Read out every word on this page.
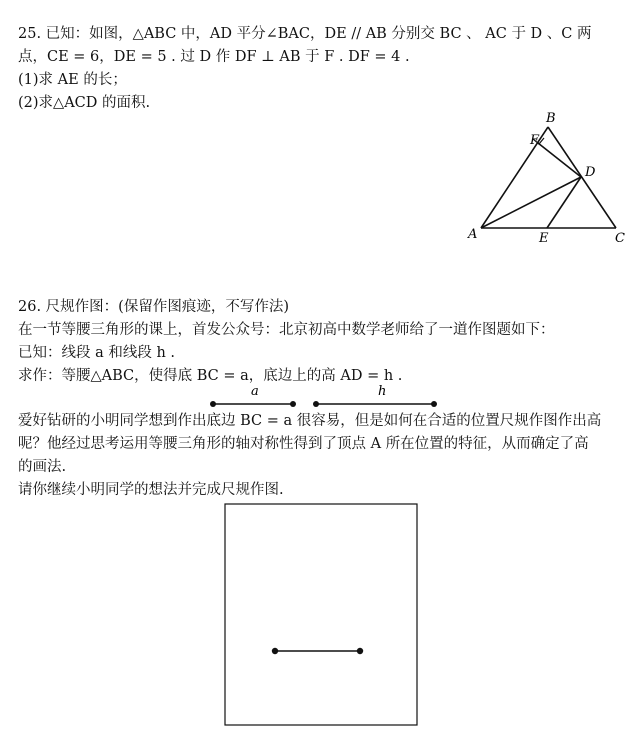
25. 已知：如图，△ABC 中，AD 平分∠BAC，DE // AB 分别交 BC 、 AC 于 D 、C 两
点，CE = 6，DE = 5 . 过 D 作 DF ⊥ AB 于 F . DF = 4 .
(1)求 AE 的长；
(2)求△ACD 的面积.
B
F
D
A	E	C
26. 尺规作图：(保留作图痕迹，不写作法)
在一节等腰三角形的课上，首发公众号：北京初高中数学老师给了一道作图题如下：
已知：线段 a 和线段 h .
求作：等腰△ABC，使得底 BC = a，底边上的高 AD = h .
a	h
爱好钻研的小明同学想到作出底边 BC = a 很容易，但是如何在合适的位置尺规作图作出高
呢？他经过思考运用等腰三角形的轴对称性得到了顶点 A 所在位置的特征，从而确定了高
的画法.
请你继续小明同学的想法并完成尺规作图.
